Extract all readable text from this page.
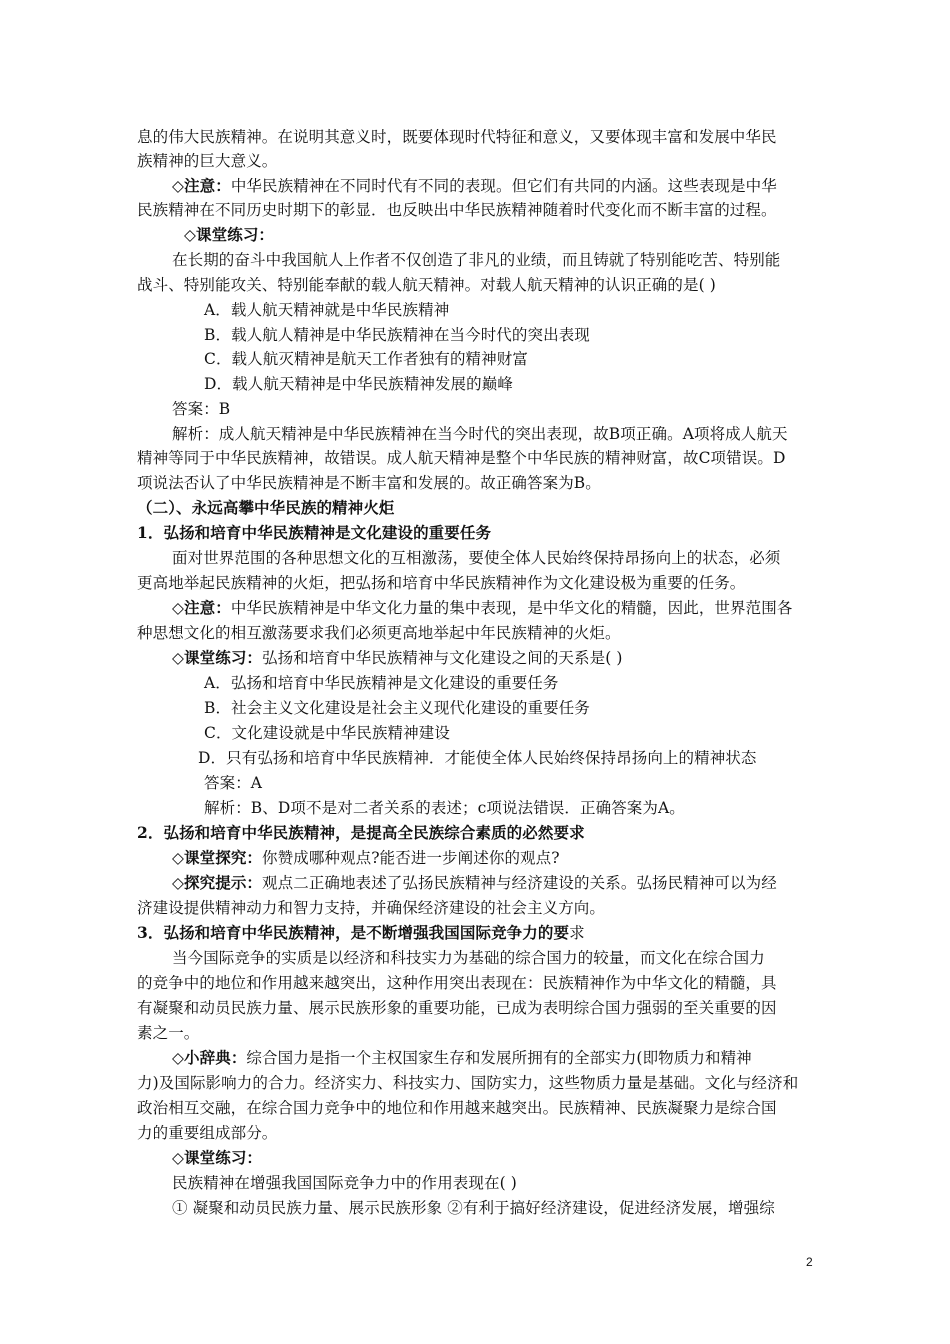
息的伟大民族精神。在说明其意义时，既要体现时代特征和意义，又要体现丰富和发展中华民
族精神的巨大意义。
◇注意：中华民族精神在不同时代有不同的表现。但它们有共同的内涵。这些表现是中华
民族精神在不同历史时期下的彰显．也反映出中华民族精神随着时代变化而不断丰富的过程。
◇课堂练习：
在长期的奋斗中我国航人上作者不仅创造了非凡的业绩，而且铸就了特别能吃苦、特别能
战斗、特别能攻关、特别能奉献的载人航天精神。对载人航天精神的认识正确的是( )
A．载人航天精神就是中华民族精神
B．载人航人精神是中华民族精神在当今时代的突出表现
C．载人航灭精神是航天工作者独有的精神财富
D．载人航天精神是中华民族精神发展的巅峰
答案：B
解析：成人航天精神是中华民族精神在当今时代的突出表现，故B项正确。A项将成人航天
精神等同于中华民族精神，故错误。成人航天精神是整个中华民族的精神财富，故C项错误。D
项说法否认了中华民族精神是不断丰富和发展的。故正确答案为B。
（二）、永远高攀中华民族的精神火炬
1．弘扬和培育中华民族精神是文化建设的重要任务
面对世界范围的各种思想文化的互相激荡，要使全体人民始终保持昂扬向上的状态，必须
更高地举起民族精神的火炬，把弘扬和培育中华民族精神作为文化建设极为重要的任务。
◇注意：中华民族精神是中华文化力量的集中表现，是中华文化的精髓，因此，世界范围各
种思想文化的相互激荡要求我们必须更高地举起中年民族精神的火炬。
◇课堂练习：弘扬和培育中华民族精神与文化建设之间的天系是( )
A．弘扬和培育中华民族精神是文化建设的重要任务
B．社会主义文化建设是社会主义现代化建设的重要任务
C．文化建设就是中华民族精神建设
D．只有弘扬和培育中华民族精神．才能使全体人民始终保持昂扬向上的精神状态
答案：A
解析：B、D项不是对二者关系的表述；c项说法错误．正确答案为A。
2．弘扬和培育中华民族精神，是提高全民族综合素质的必然要求
◇课堂探究：你赞成哪种观点?能否进一步阐述你的观点?
◇探究提示：观点二正确地表述了弘扬民族精神与经济建设的关系。弘扬民精神可以为经
济建设提供精神动力和智力支持，并确保经济建设的社会主义方向。
3．弘扬和培育中华民族精神，是不断增强我国国际竞争力的要求
当今国际竞争的实质是以经济和科技实力为基础的综合国力的较量，而文化在综合国力
的竞争中的地位和作用越来越突出，这种作用突出表现在：民族精神作为中华文化的精髓，具
有凝聚和动员民族力量、展示民族形象的重要功能，已成为表明综合国力强弱的至关重要的因
素之一。
◇小辞典：综合国力是指一个主权国家生存和发展所拥有的全部实力(即物质力和精神
力)及国际影响力的合力。经济实力、科技实力、国防实力，这些物质力量是基础。文化与经济和
政治相互交融，在综合国力竞争中的地位和作用越来越突出。民族精神、民族凝聚力是综合国
力的重要组成部分。
◇课堂练习：
民族精神在增强我国国际竞争力中的作用表现在( )
① 凝聚和动员民族力量、展示民族形象 ②有利于搞好经济建设，促进经济发展，增强综
2
